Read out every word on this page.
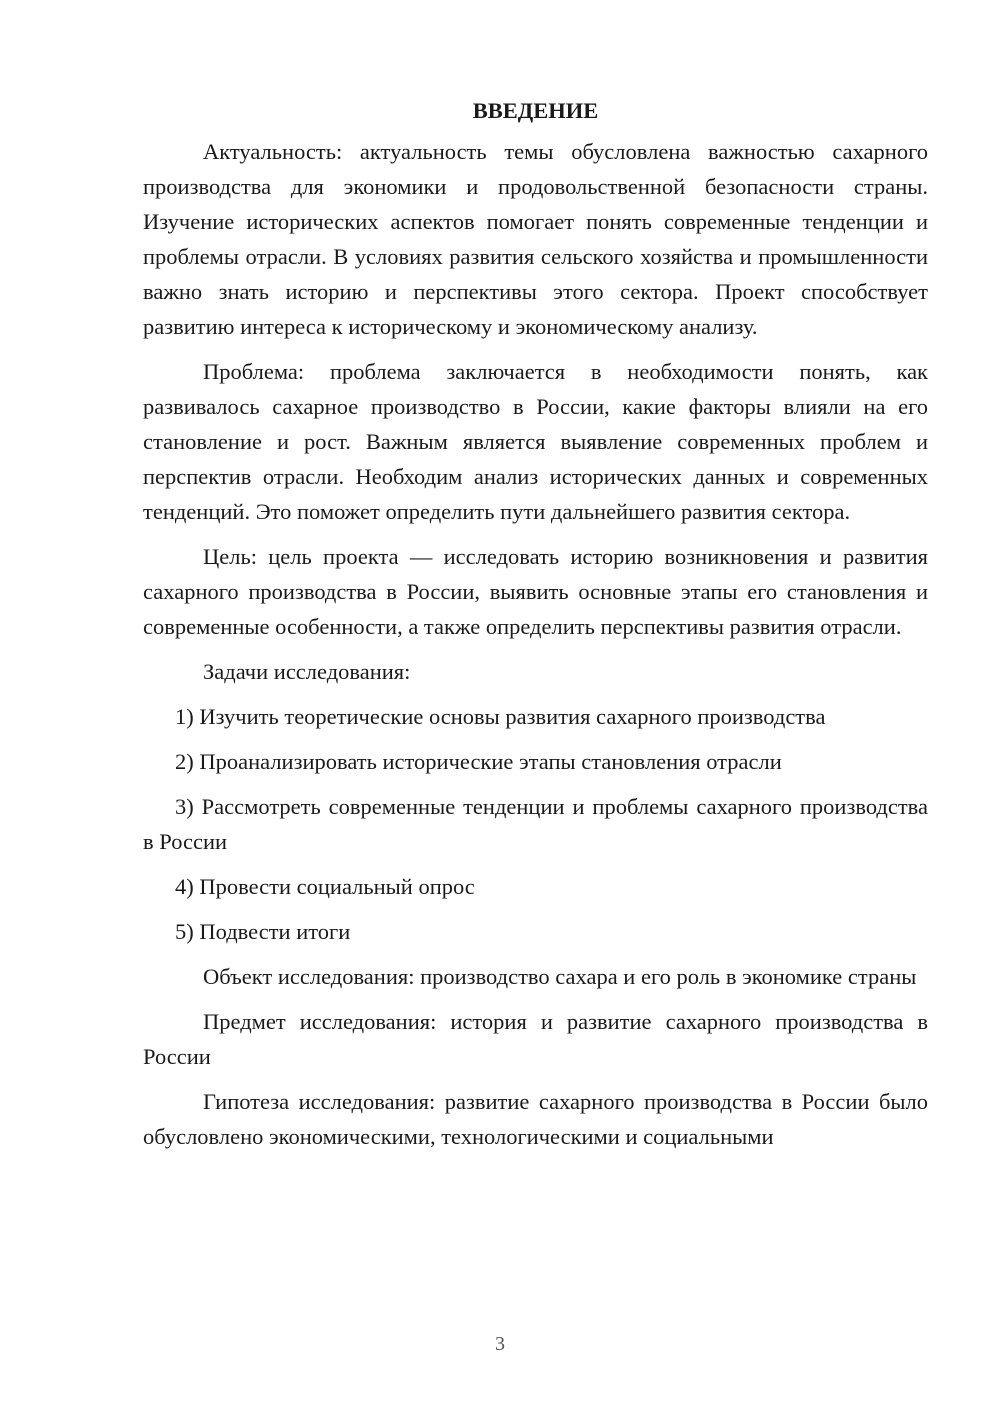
ВВЕДЕНИЕ

Актуальность: актуальность темы обусловлена важностью сахарного производства для экономики и продовольственной безопасности страны. Изучение исторических аспектов помогает понять современные тенденции и проблемы отрасли. В условиях развития сельского хозяйства и промышленности важно знать историю и перспективы этого сектора. Проект способствует развитию интереса к историческому и экономическому анализу.

Проблема: проблема заключается в необходимости понять, как развивалось сахарное производство в России, какие факторы влияли на его становление и рост. Важным является выявление современных проблем и перспектив отрасли. Необходим анализ исторических данных и современных тенденций. Это поможет определить пути дальнейшего развития сектора.

Цель: цель проекта — исследовать историю возникновения и развития сахарного производства в России, выявить основные этапы его становления и современные особенности, а также определить перспективы развития отрасли.

Задачи исследования:

1) Изучить теоретические основы развития сахарного производства

2) Проанализировать исторические этапы становления отрасли

3) Рассмотреть современные тенденции и проблемы сахарного производства в России

4) Провести социальный опрос

5) Подвести итоги

Объект исследования: производство сахара и его роль в экономике страны

Предмет исследования: история и развитие сахарного производства в России

Гипотеза исследования: развитие сахарного производства в России было обусловлено экономическими, технологическими и социальными

3
